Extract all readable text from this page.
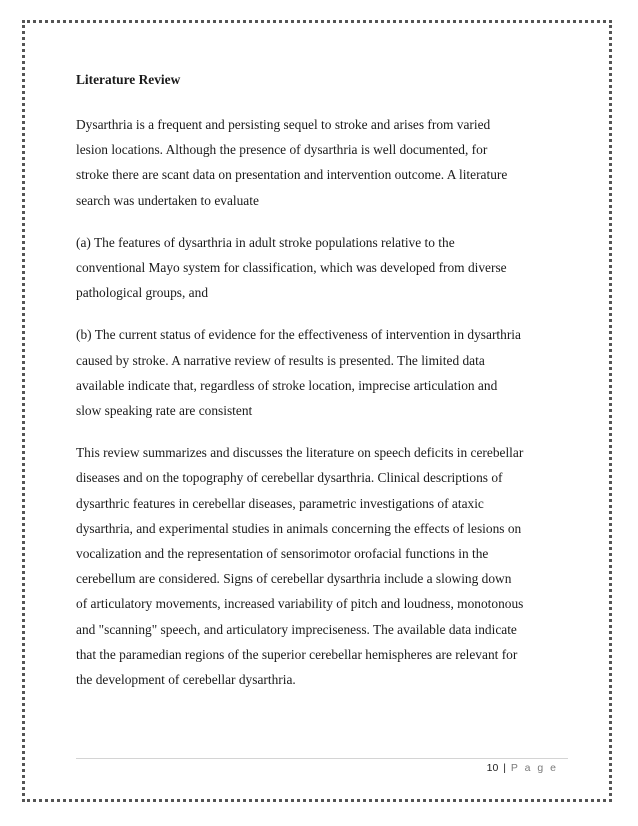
Literature Review
Dysarthria is a frequent and persisting sequel to stroke and arises from varied
lesion locations. Although the presence of dysarthria is well documented, for
stroke there are scant data on presentation and intervention outcome. A literature
search was undertaken to evaluate
(a) The features of dysarthria in adult stroke populations relative to the
conventional Mayo system for classification, which was developed from diverse
pathological groups, and
(b) The current status of evidence for the effectiveness of intervention in dysarthria
caused by stroke. A narrative review of results is presented. The limited data
available indicate that, regardless of stroke location, imprecise articulation and
slow speaking rate are consistent
This review summarizes and discusses the literature on speech deficits in cerebellar
diseases and on the topography of cerebellar dysarthria. Clinical descriptions of
dysarthric features in cerebellar diseases, parametric investigations of ataxic
dysarthria, and experimental studies in animals concerning the effects of lesions on
vocalization and the representation of sensorimotor orofacial functions in the
cerebellum are considered. Signs of cerebellar dysarthria include a slowing down
of articulatory movements, increased variability of pitch and loudness, monotonous
and "scanning" speech, and articulatory impreciseness. The available data indicate
that the paramedian regions of the superior cerebellar hemispheres are relevant for
the development of cerebellar dysarthria.
10 | P a g e
